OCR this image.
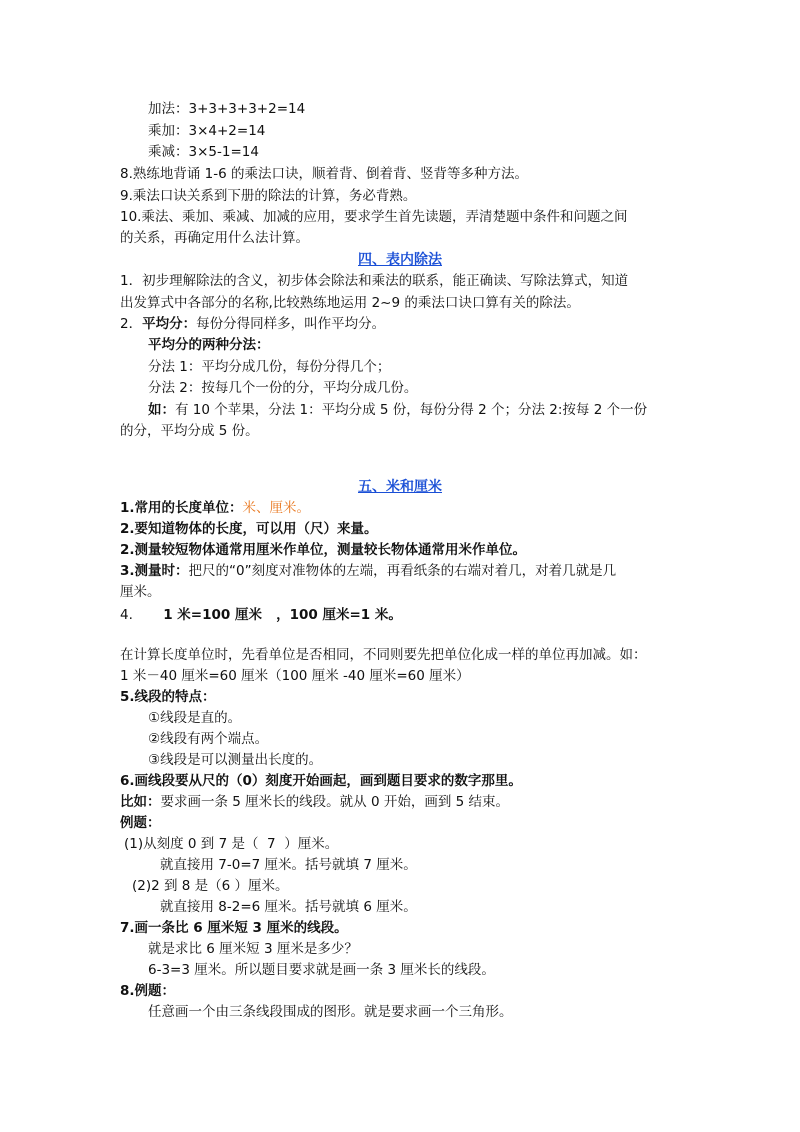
加法：3+3+3+3+2=14
乘加：3×4+2=14
乘减：3×5-1=14
8.熟练地背诵 1-6 的乘法口诀，顺着背、倒着背、竖背等多种方法。
9.乘法口诀关系到下册的除法的计算，务必背熟。
10.乘法、乘加、乘减、加减的应用，要求学生首先读题，弄清楚题中条件和问题之间
的关系，再确定用什么法计算。
四、表内除法
1．初步理解除法的含义，初步体会除法和乘法的联系，能正确读、写除法算式，知道
出发算式中各部分的名称,比较熟练地运用 2~9 的乘法口诀口算有关的除法。
2．平均分：每份分得同样多，叫作平均分。
平均分的两种分法：
分法 1：平均分成几份，每份分得几个；
分法 2：按每几个一份的分，平均分成几份。
如：有 10 个苹果，分法 1：平均分成 5 份，每份分得 2 个；分法 2:按每 2 个一份
的分，平均分成 5 份。
五、米和厘米
1.常用的长度单位：米、厘米。
2.要知道物体的长度，可以用（尺）来量。
2.测量较短物体通常用厘米作单位，测量较长物体通常用米作单位。
3.测量时：把尺的“0”刻度对准物体的左端，再看纸条的右端对着几，对着几就是几
厘米。
4. 1 米=100 厘米   ，100 厘米=1 米。
在计算长度单位时，先看单位是否相同，不同则要先把单位化成一样的单位再加减。如：
1 米－40 厘米=60 厘米（100 厘米 -40 厘米=60 厘米）
5.线段的特点：
①线段是直的。
②线段有两个端点。
③线段是可以测量出长度的。
6.画线段要从尺的（0）刻度开始画起，画到题目要求的数字那里。
比如：要求画一条 5 厘米长的线段。就从 0 开始，画到 5 结束。
例题：
(1)从刻度 0 到 7 是（  7  ）厘米。
就直接用 7-0=7 厘米。括号就填 7 厘米。
(2)2 到 8 是（6 ）厘米。
就直接用 8-2=6 厘米。括号就填 6 厘米。
7.画一条比 6 厘米短 3 厘米的线段。
就是求比 6 厘米短 3 厘米是多少？
6-3=3 厘米。所以题目要求就是画一条 3 厘米长的线段。
8.例题：
任意画一个由三条线段围成的图形。就是要求画一个三角形。
